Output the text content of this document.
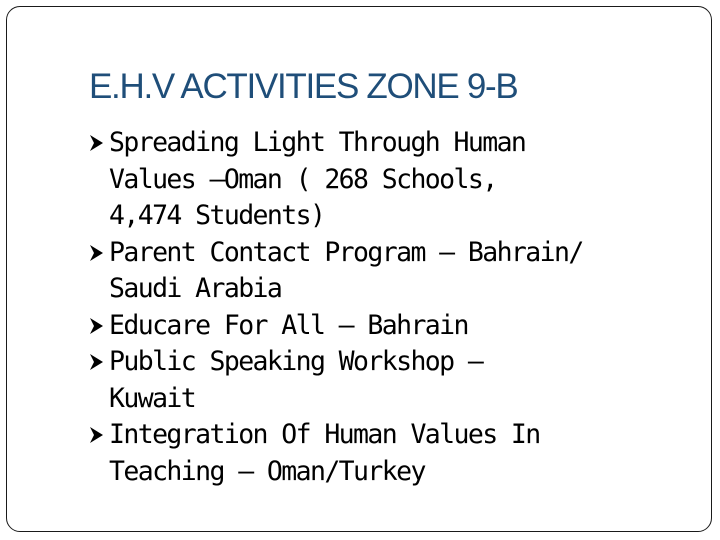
E.H.V ACTIVITIES ZONE 9-B
Spreading Light Through Human
Values –Oman ( 268 Schools,
4,474 Students)
Parent Contact Program – Bahrain/
Saudi Arabia
Educare For All – Bahrain
Public Speaking Workshop –
Kuwait
Integration Of Human Values In
Teaching – Oman/Turkey
